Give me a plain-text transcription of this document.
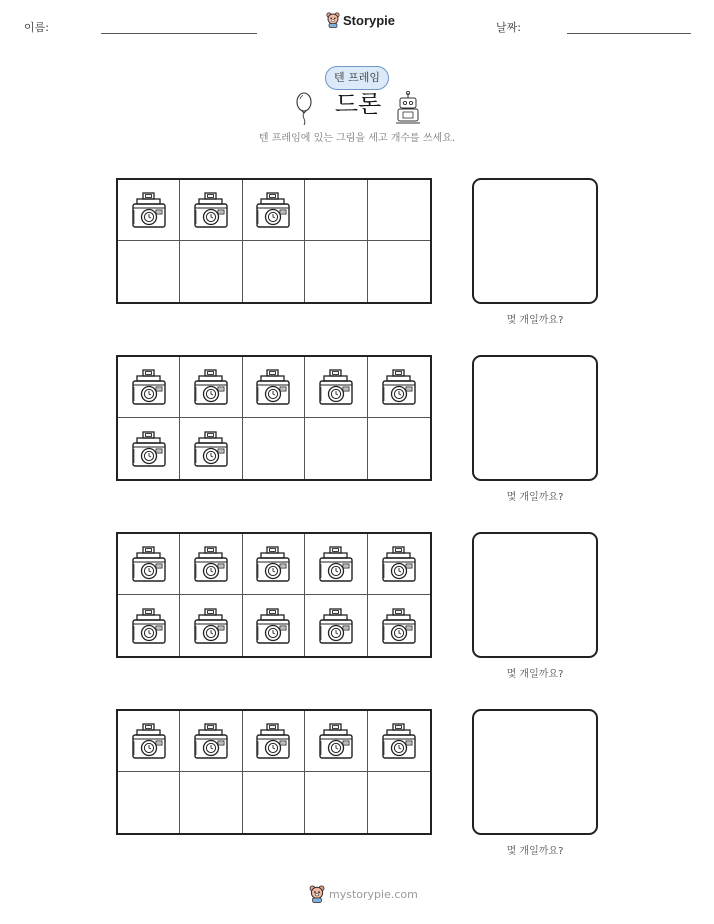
이름:	Storypie	날짜:
텐 프레임
드론
텐 프레임에 있는 그림을 세고 개수를 쓰세요.
몇 개일까요?
몇 개일까요?
몇 개일까요?
몇 개일까요?
mystorypie.com
